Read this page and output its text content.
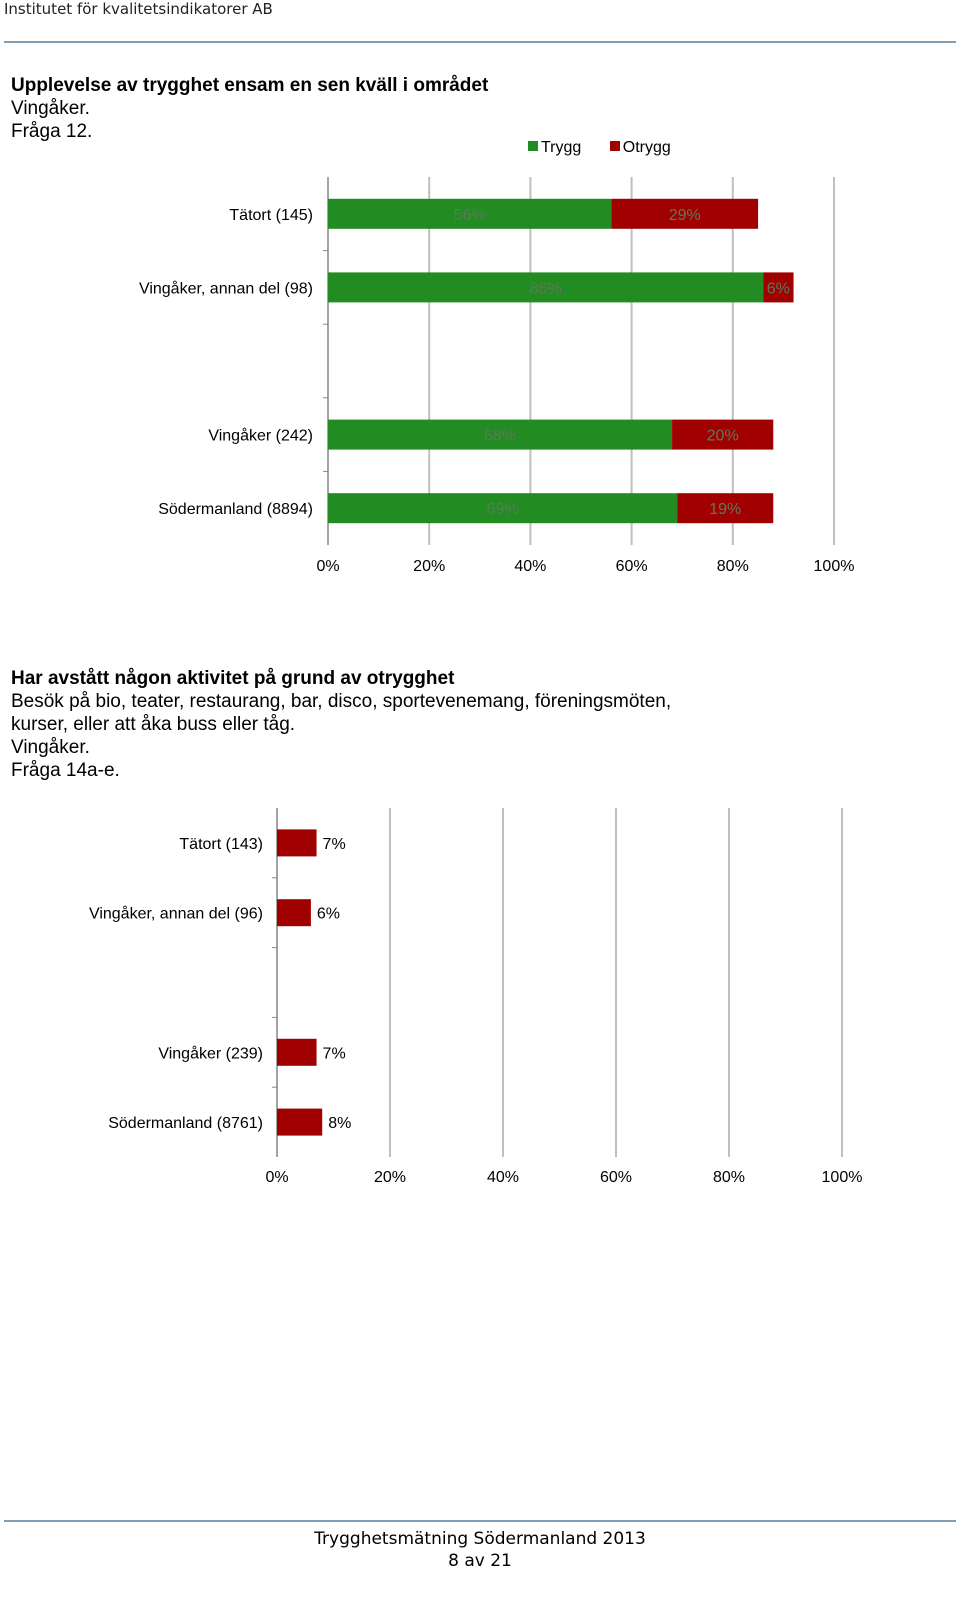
Institutet för kvalitetsindikatorer AB
Upplevelse av trygghet ensam en sen kväll i området
Vingåker.
Fråga 12.
Trygg	Otrygg
0%	20%	40%	60%	80%	100%
Tätort (145)	56%	29%
Vingåker, annan del (98)	86%	6%
Vingåker (242)	68%	20%
Södermanland (8894)	69%	19%
Har avstått någon aktivitet på grund av otrygghet
Besök på bio, teater, restaurang, bar, disco, sportevenemang, föreningsmöten,
kurser, eller att åka buss eller tåg.
Vingåker.
Fråga 14a-e.
0%	20%	40%	60%	80%	100%
Tätort (143)	7%
Vingåker, annan del (96)	6%
Vingåker (239)	7%
Södermanland (8761)	8%
Trygghetsmätning Södermanland 2013
8 av 21
